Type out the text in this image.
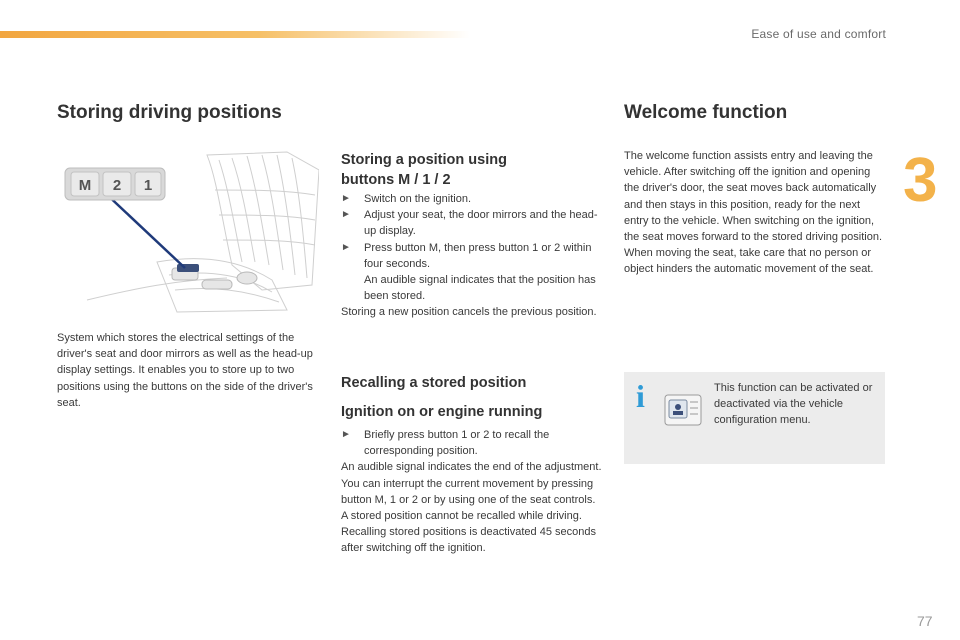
Ease of use and comfort
3
Storing driving positions
M 2 1
System which stores the electrical settings of the driver's seat and door mirrors as well as the head-up display settings. It enables you to store up to two positions using the buttons on the side of the driver's seat.
Storing a position using buttons M / 1 / 2
► Switch on the ignition.
► Adjust your seat, the door mirrors and the head-up display.
► Press button M, then press button 1 or 2 within four seconds.
An audible signal indicates that the position has been stored.
Storing a new position cancels the previous position.
Recalling a stored position
Ignition on or engine running
► Briefly press button 1 or 2 to recall the corresponding position.
An audible signal indicates the end of the adjustment.
You can interrupt the current movement by pressing button M, 1 or 2 or by using one of the seat controls.
A stored position cannot be recalled while driving.
Recalling stored positions is deactivated 45 seconds after switching off the ignition.
Welcome function
The welcome function assists entry and leaving the vehicle. After switching off the ignition and opening the driver's door, the seat moves back automatically and then stays in this position, ready for the next entry to the vehicle. When switching on the ignition, the seat moves forward to the stored driving position. When moving the seat, take care that no person or object hinders the automatic movement of the seat.
i	This function can be activated or deactivated via the vehicle configuration menu.
77
